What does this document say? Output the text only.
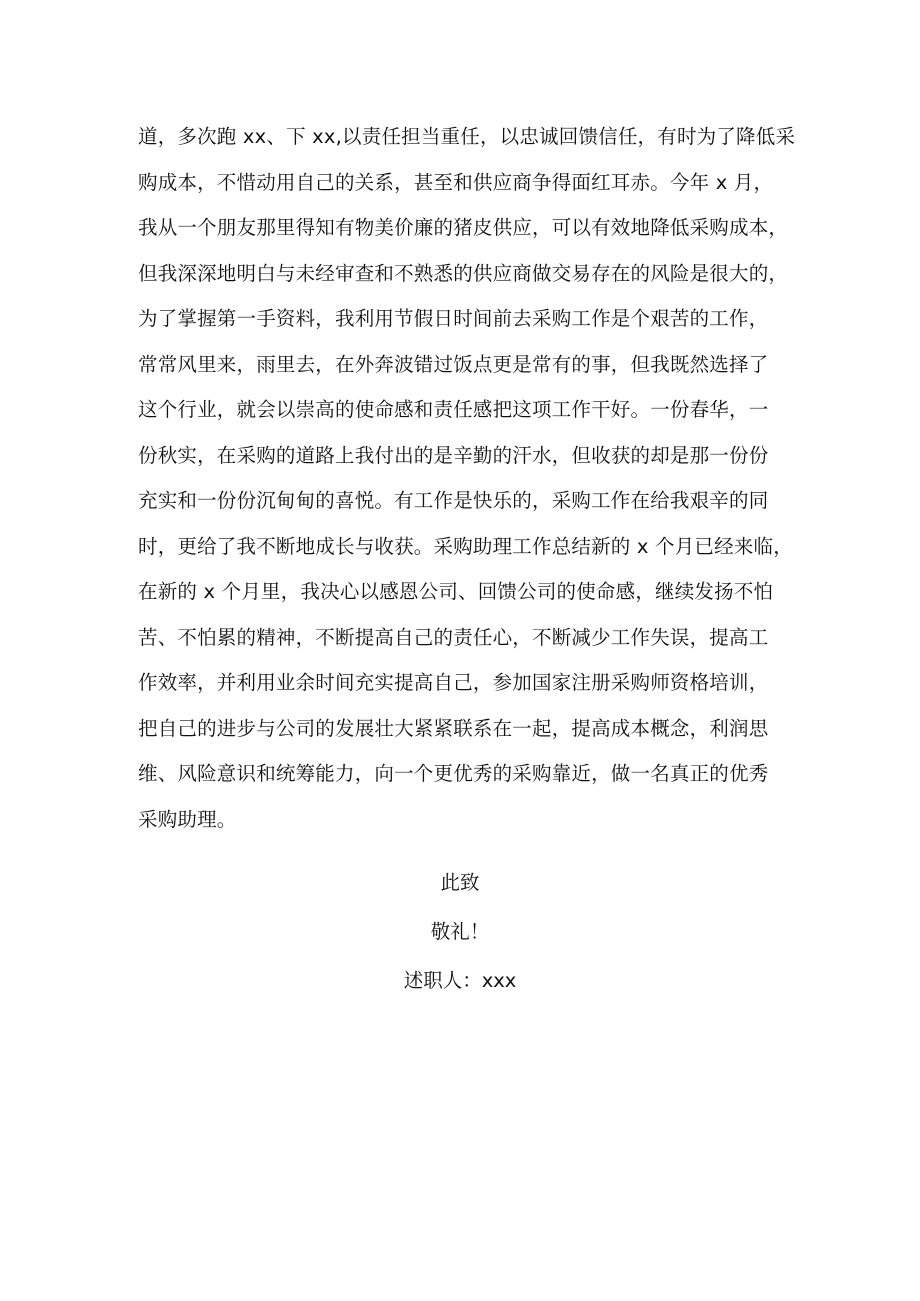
道，多次跑 xx、下 xx,以责任担当重任，以忠诚回馈信任，有时为了降低采
购成本，不惜动用自己的关系，甚至和供应商争得面红耳赤。今年 x 月，
我从一个朋友那里得知有物美价廉的猪皮供应，可以有效地降低采购成本，
但我深深地明白与未经审查和不熟悉的供应商做交易存在的风险是很大的，
为了掌握第一手资料，我利用节假日时间前去采购工作是个艰苦的工作，
常常风里来，雨里去，在外奔波错过饭点更是常有的事，但我既然选择了
这个行业，就会以崇高的使命感和责任感把这项工作干好。一份春华，一
份秋实，在采购的道路上我付出的是辛勤的汗水，但收获的却是那一份份
充实和一份份沉甸甸的喜悦。有工作是快乐的，采购工作在给我艰辛的同
时，更给了我不断地成长与收获。采购助理工作总结新的 x 个月已经来临，
在新的 x 个月里，我决心以感恩公司、回馈公司的使命感，继续发扬不怕
苦、不怕累的精神，不断提高自己的责任心，不断减少工作失误，提高工
作效率，并利用业余时间充实提高自己，参加国家注册采购师资格培训，
把自己的进步与公司的发展壮大紧紧联系在一起，提高成本概念，利润思
维、风险意识和统筹能力，向一个更优秀的采购靠近，做一名真正的优秀
采购助理。
此致
敬礼！
述职人：xxx
